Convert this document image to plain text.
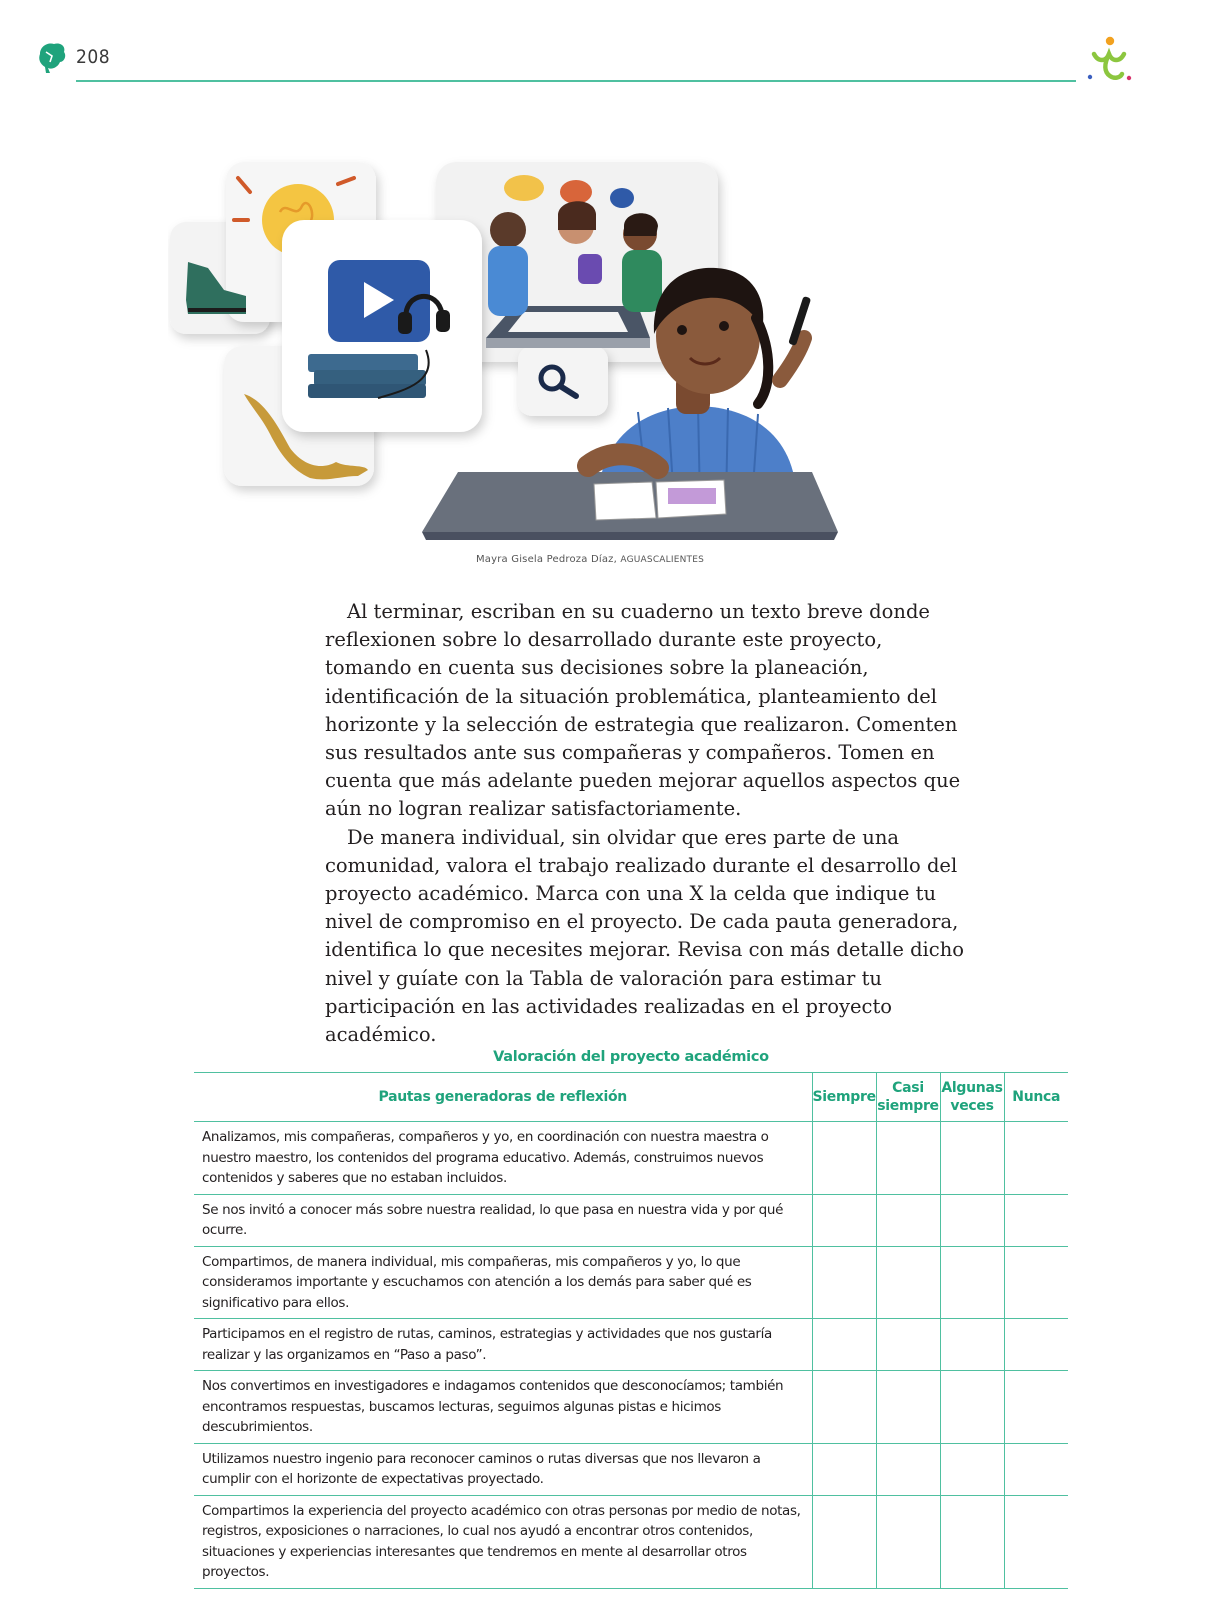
208
Mayra Gisela Pedroza Díaz, AGUASCALIENTES

Al terminar, escriban en su cuaderno un texto breve donde reflexionen sobre lo desarrollado durante este proyecto, tomando en cuenta sus decisiones sobre la planeación, identificación de la situación problemática, planteamiento del horizonte y la selección de estrategia que realizaron. Comenten sus resultados ante sus compañeras y compañeros. Tomen en cuenta que más adelante pueden mejorar aquellos aspectos que aún no logran realizar satisfactoriamente.

De manera individual, sin olvidar que eres parte de una comunidad, valora el trabajo realizado durante el desarrollo del proyecto académico. Marca con una X la celda que indique tu nivel de compromiso en el proyecto. De cada pauta generadora, identifica lo que necesites mejorar. Revisa con más detalle dicho nivel y guíate con la Tabla de valoración para estimar tu participación en las actividades realizadas en el proyecto académico.

Valoración del proyecto académico
Pautas generadoras de reflexión	Siempre	Casi siempre	Algunas veces	Nunca
Analizamos, mis compañeras, compañeros y yo, en coordinación con nuestra maestra o nuestro maestro, los contenidos del programa educativo. Además, construimos nuevos contenidos y saberes que no estaban incluidos.				
Se nos invitó a conocer más sobre nuestra realidad, lo que pasa en nuestra vida y por qué ocurre.				
Compartimos, de manera individual, mis compañeras, mis compañeros y yo, lo que consideramos importante y escuchamos con atención a los demás para saber qué es significativo para ellos.				
Participamos en el registro de rutas, caminos, estrategias y actividades que nos gustaría realizar y las organizamos en “Paso a paso”.				
Nos convertimos en investigadores e indagamos contenidos que desconocíamos; también encontramos respuestas, buscamos lecturas, seguimos algunas pistas e hicimos descubrimientos.				
Utilizamos nuestro ingenio para reconocer caminos o rutas diversas que nos llevaron a cumplir con el horizonte de expectativas proyectado.				
Compartimos la experiencia del proyecto académico con otras personas por medio de notas, registros, exposiciones o narraciones, lo cual nos ayudó a encontrar otros contenidos, situaciones y experiencias interesantes que tendremos en mente al desarrollar otros proyectos.				
